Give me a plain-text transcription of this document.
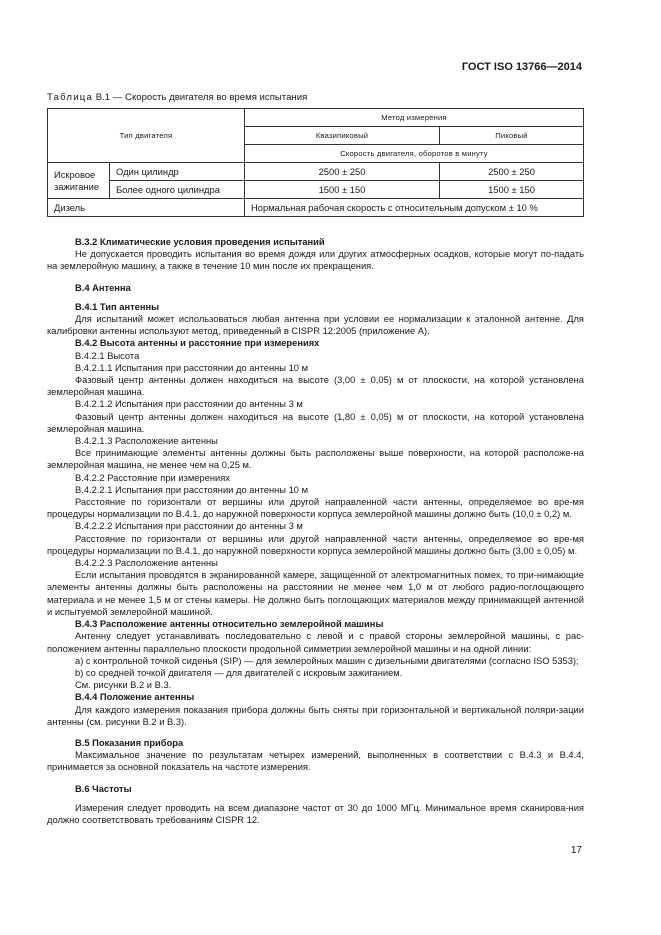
ГОСТ ISO 13766—2014
Таблица В.1 — Скорость двигателя во время испытания
Тип двигателя		Метод измерения	
		Квазипиковый	Пиковый
		Скорость двигателя, оборотов в минуту	
Искровое зажигание	Один цилиндр	2500 ± 250	2500 ± 250
	Более одного цилиндра	1500 ± 150	1500 ± 150
Дизель		Нормальная рабочая скорость с относительным допуском ± 10 %	

B.3.2 Климатические условия проведения испытаний

Не допускается проводить испытания во время дождя или других атмосферных осадков, которые могут по-падать на землеройную машину, а также в течение 10 мин после их прекращения.

B.4 Антенна

B.4.1 Тип антенны

Для испытаний может использоваться любая антенна при условии ее нормализации к эталонной антенне. Для калибровки антенны используют метод, приведенный в CISPR 12:2005 (приложение А).

B.4.2 Высота антенны и расстояние при измерениях

В.4.2.1 Высота

В.4.2.1.1 Испытания при расстоянии до антенны 10 м

Фазовый центр антенны должен находиться на высоте (3,00 ± 0,05) м от плоскости, на которой установлена землеройная машина.

В.4.2.1.2 Испытания при расстоянии до антенны 3 м

Фазовый центр антенны должен находиться на высоте (1,80 ± 0,05) м от плоскости, на которой установлена землеройная машина.

В.4.2.1.3 Расположение антенны

Все принимающие элементы антенны должны быть расположены выше поверхности, на которой расположе-на землеройная машина, не менее чем на 0,25 м.

В.4.2.2 Расстояние при измерениях

В.4.2.2.1 Испытания при расстоянии до антенны 10 м

Расстояние по горизонтали от вершины или другой направленной части антенны, определяемое во вре-мя процедуры нормализации по В.4.1, до наружной поверхности корпуса землеройной машины должно быть (10,0 ± 0,2) м.

В.4.2.2.2 Испытания при расстоянии до антенны 3 м

Расстояние по горизонтали от вершины или другой направленной части антенны, определяемое во вре-мя процедуры нормализации по В.4.1, до наружной поверхности корпуса землеройной машины должно быть (3,00 ± 0,05) м.

В.4.2.2.3 Расположение антенны

Если испытания проводятся в экранированной камере, защищенной от электромагнитных помех, то при-нимающие элементы антенны должны быть расположены на расстоянии не менее чем 1,0 м от любого радио-поглощающего материала и не менее 1,5 м от стены камеры. Не должно быть поглощающих материалов между принимающей антенной и испытуемой землеройной машиной.

B.4.3 Расположение антенны относительно землеройной машины

Антенну следует устанавливать последовательно с левой и с правой стороны землеройной машины, с рас-положением антенны параллельно плоскости продольной симметрии землеройной машины и на одной линии:

a) с контрольной точкой сиденья (SIP) — для землеройных машин с дизельными двигателями (согласно ISO 5353);

b) со средней точкой двигателя — для двигателей с искровым зажиганием.

См. рисунки В.2 и В.3.

B.4.4 Положение антенны

Для каждого измерения показания прибора должны быть сняты при горизонтальной и вертикальной поляри-зации антенны (см. рисунки В.2 и В.3).

B.5 Показания прибора

Максимальное значение по результатам четырех измерений, выполненных в соответствии с В.4.3 и В.4.4, принимается за основной показатель на частоте измерения.

B.6 Частоты

Измерения следует проводить на всем диапазоне частот от 30 до 1000 МГц. Минимальное время сканирова-ния должно соответствовать требованиям CISPR 12.

17
